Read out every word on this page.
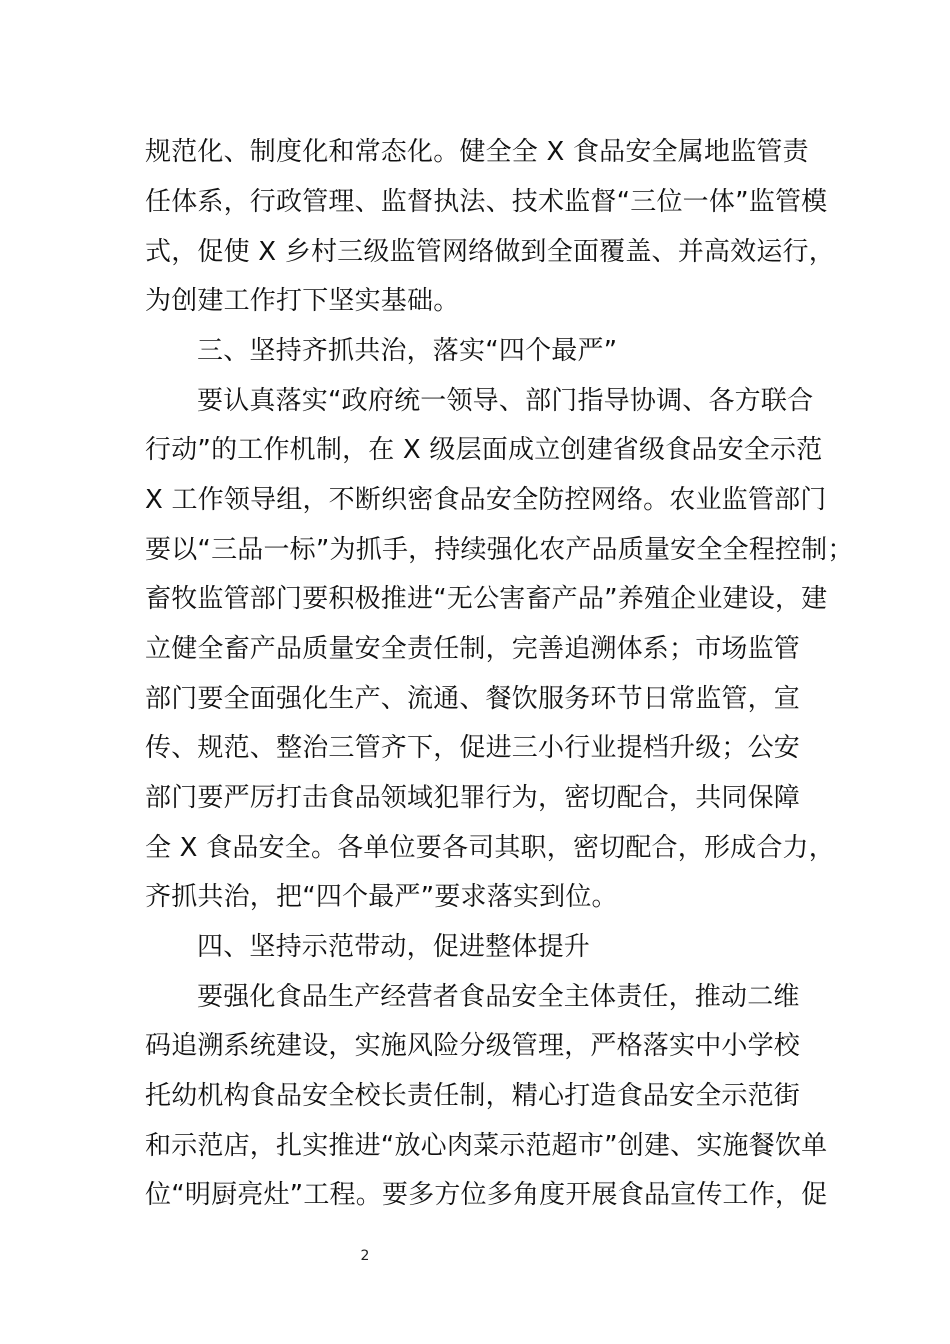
规范化、制度化和常态化。健全全 X 食品安全属地监管责
任体系，行政管理、监督执法、技术监督“三位一体”监管模
式，促使 X 乡村三级监管网络做到全面覆盖、并高效运行，
为创建工作打下坚实基础。
三、坚持齐抓共治，落实“四个最严”
要认真落实“政府统一领导、部门指导协调、各方联合
行动”的工作机制，在 X 级层面成立创建省级食品安全示范
X 工作领导组，不断织密食品安全防控网络。农业监管部门
要以“三品一标”为抓手，持续强化农产品质量安全全程控制；
畜牧监管部门要积极推进“无公害畜产品”养殖企业建设，建
立健全畜产品质量安全责任制，完善追溯体系；市场监管
部门要全面强化生产、流通、餐饮服务环节日常监管，宣
传、规范、整治三管齐下，促进三小行业提档升级；公安
部门要严厉打击食品领域犯罪行为，密切配合，共同保障
全 X 食品安全。各单位要各司其职，密切配合，形成合力，
齐抓共治，把“四个最严”要求落实到位。
四、坚持示范带动，促进整体提升
要强化食品生产经营者食品安全主体责任，推动二维
码追溯系统建设，实施风险分级管理，严格落实中小学校
托幼机构食品安全校长责任制，精心打造食品安全示范街
和示范店，扎实推进“放心肉菜示范超市”创建、实施餐饮单
位“明厨亮灶”工程。要多方位多角度开展食品宣传工作，促
2
